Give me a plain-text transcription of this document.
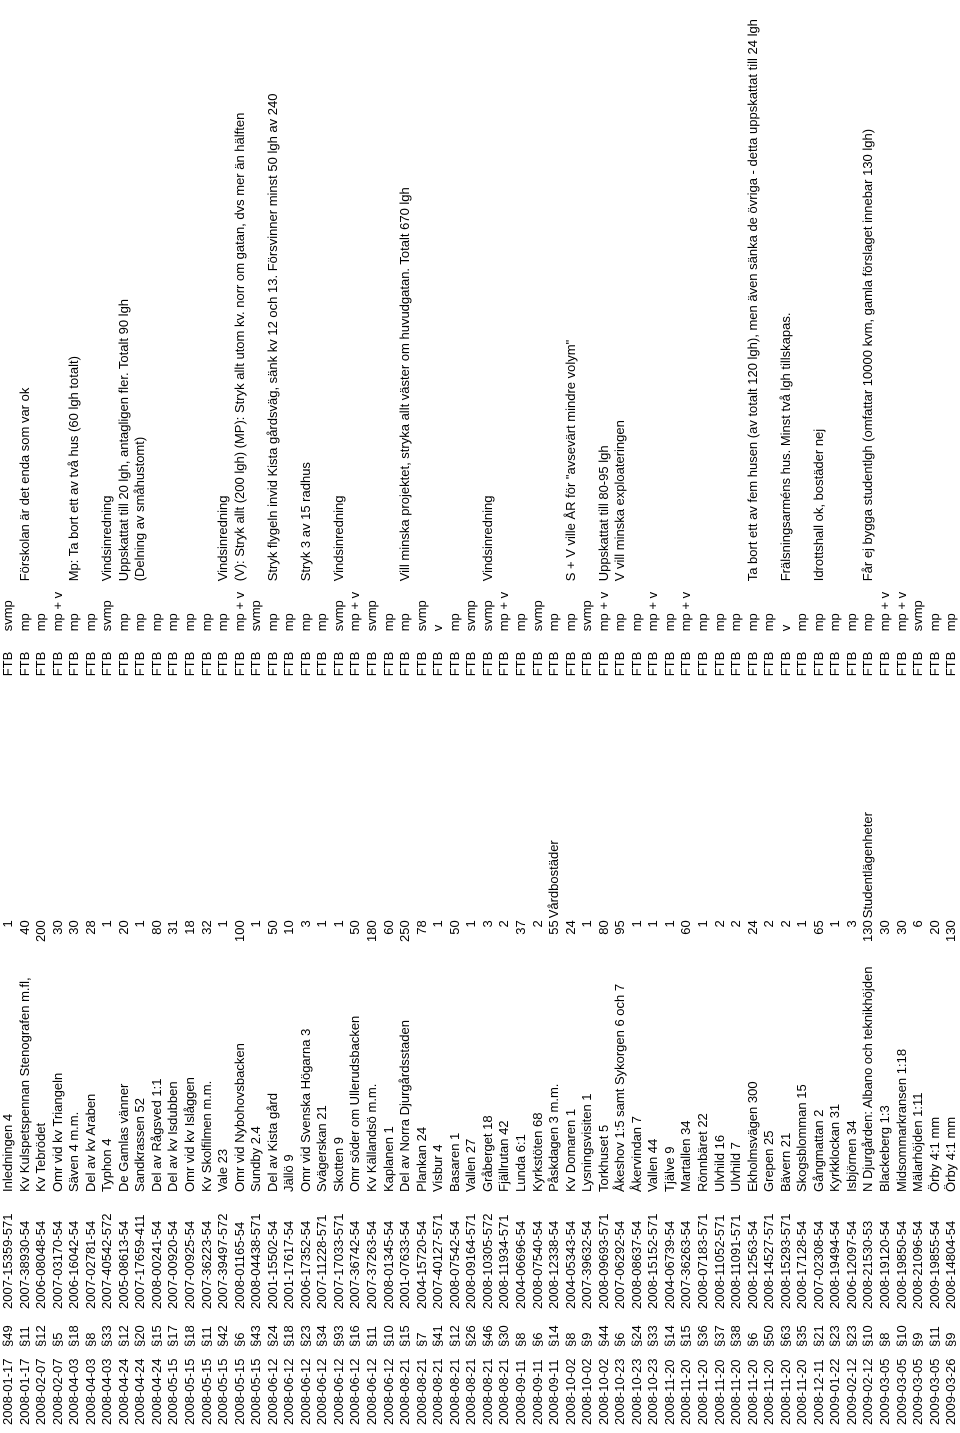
2008-01-17	§49	2007-15359-571	Inledningen 4	1		FTB	svmp	
2008-01-17	§11	2007-38930-54	Kv Kulspetspennan Stenografen m.fl,	40		FTB	mp	Förskolan är det enda som var ok
2008-02-07	§12	2006-08048-54	Kv Tebrödet	200		FTB	mp	
2008-02-07	§5	2007-03170-54	Omr vid kv Triangeln	30		FTB	mp + v	
2008-04-03	§18	2006-16042-54	Säven 4 m.m.	30		FTB	mp	Mp: Ta bort ett av två hus (60 lgh totalt)
2008-04-03	§8	2007-02781-54	Del av kv Araben	28		FTB	mp	
2008-04-03	§33	2007-40542-572	Typhon 4	1		FTB	svmp	Vindsinredning
2008-04-24	§12	2005-08613-54	De Gamlas vänner	20		FTB	mp	Uppskattat till 20 lgh, antagligen fler. Totalt 90 lgh
2008-04-24	§20	2007-17659-411	Sandkrassen 52	1		FTB	mp	(Delning av småhustomt)
2008-04-24	§15	2008-00241-54	Del av Rågsved 1:1	80		FTB	mp	
2008-05-15	§17	2007-00920-54	Del av kv Isdubben	31		FTB	mp	
2008-05-15	§18	2007-00925-54	Omr vid kv Islåggen	18		FTB	mp	
2008-05-15	§11	2007-36223-54	Kv Skolfilmen m.m.	32		FTB	mp	
2008-05-15	§42	2007-39497-572	Vale 23	1		FTB	mp	Vindsinredning
2008-05-15	§6	2008-01165-54	Omr vid Nybohovsbacken	100		FTB	mp + v	(V): Stryk allt (200 lgh) (MP): Stryk allt utom kv. norr om gatan, dvs mer än hälften
2008-05-15	§43	2008-04438-571	Sundby 2.4	1		FTB	svmp	
2008-06-12	§24	2001-15502-54	Del av Kista gård	50		FTB	mp	Stryk flygeln invid Kista gårdsväg, sänk kv 12 och 13. Försvinner minst 50 lgh av 240
2008-06-12	§18	2001-17617-54	Jällö 9	10		FTB	mp	
2008-06-12	§23	2006-17352-54	Omr vid Svenska Högarna 3	3		FTB	mp	Stryk 3 av 15 radhus
2008-06-12	§34	2007-11228-571	Svägerskan 21	1		FTB	mp	
2008-06-12	§93	2007-17033-571	Skotten 9	1		FTB	svmp	Vindsinredning
2008-06-12	§16	2007-36742-54	Omr söder om Ullerudsbacken	50		FTB	mp + v	
2008-06-12	§11	2007-37263-54	Kv Källandsö m.m.	180		FTB	svmp	
2008-06-12	§10	2008-01345-54	Kaplanen 1	60		FTB	mp	
2008-08-21	§15	2001-07633-54	Del av Norra Djurgårdsstaden	250		FTB	mp	Vill minska projektet, stryka allt väster om huvudgatan. Totalt 670 lgh
2008-08-21	§7	2004-15720-54	Plankan 24	78		FTB	svmp	
2008-08-21	§41	2007-40127-571	Visbur 4	1		FTB	v	
2008-08-21	§12	2008-07542-54	Basaren 1	50		FTB	mp	
2008-08-21	§26	2008-09164-571	Vallen 27	1		FTB	svmp	
2008-08-21	§46	2008-10305-572	Gråberget 18	3		FTB	svmp	Vindsinredning
2008-08-21	§30	2008-11934-571	Fjällrutan 42	2		FTB	mp + v	
2008-09-11	§8	2004-06696-54	Lunda 6:1	37		FTB	mp	
2008-09-11	§6	2008-07540-54	Kyrkstöten 68	2		FTB	svmp	
2008-09-11	§14	2008-12338-54	Påskdagen 3 m.m.	55	Vårdbostäder	FTB	mp	
2008-10-02	§8	2004-05343-54	Kv Domaren 1	24		FTB	mp	S + V ville ÅR för "avsevärt mindre volym"
2008-10-02	§9	2007-39632-54	Lysningsvisiten 1	1		FTB	svmp	
2008-10-02	§44	2008-09693-571	Torkhuset 5	80		FTB	mp + v	Uppskattat till 80-95 lgh
2008-10-23	§6	2007-06292-54	Åkeshov 1:5 samt Sykorgen 6 och 7	95		FTB	mp	V vill minska exploateringen
2008-10-23	§24	2008-08637-54	Åkervindan 7	1		FTB	mp	
2008-10-23	§33	2008-15152-571	Vallen 44	1		FTB	mp + v	
2008-11-20	§14	2004-06739-54	Tjälve 9	1		FTB	mp	
2008-11-20	§15	2007-36263-54	Martallen 34	60		FTB	mp + v	
2008-11-20	§36	2008-07183-571	Rönnbäret 22	1		FTB	mp	
2008-11-20	§37	2008-11052-571	Ulvhild 16	2		FTB	mp	
2008-11-20	§38	2008-11091-571	Ulvhild 7	2		FTB	mp	
2008-11-20	§6	2008-12563-54	Ekholmsvägen 300	24		FTB	mp	Ta bort ett av fem husen (av totalt 120 lgh), men även sänka de övriga - detta uppskattat till 24 lgh
2008-11-20	§50	2008-14527-571	Grepen 25	2		FTB	mp	
2008-11-20	§63	2008-15293-571	Bävern 21	2		FTB	v	Frälsningsarméns hus. Minst två lgh tillskapas.
2008-11-20	§35	2008-17128-54	Skogsblomman 15	1		FTB	mp	
2008-12-11	§21	2007-02308-54	Gångmattan 2	65		FTB	mp	Idrottshall ok, bostäder nej
2009-01-22	§23	2008-19494-54	Kyrkklockan 31	1		FTB	mp	
2009-02-12	§23	2006-12097-54	Isbjörnen 34	3		FTB	mp	
2009-02-12	§10	2008-21530-53	N Djurgården: Albano och teknikhöjden	130	Studentlägenheter	FTB	mp	Får ej bygga studentlgh (omfattar 10000 kvm, gamla förslaget innebar 130 lgh)
2009-03-05	§8	2008-19120-54	Blackeberg 1:3	30		FTB	mp + v	
2009-03-05	§10	2008-19850-54	Midsommarkransen 1:18	30		FTB	mp + v	
2009-03-05	§9	2008-21096-54	Mälarhöjden 1:11	6		FTB	svmp	
2009-03-05	§11	2009-19855-54	Örby 4:1 mm	20		FTB	mp	
2009-03-26	§9	2008-14804-54	Örby 4:1 mm	130		FTB	mp	
